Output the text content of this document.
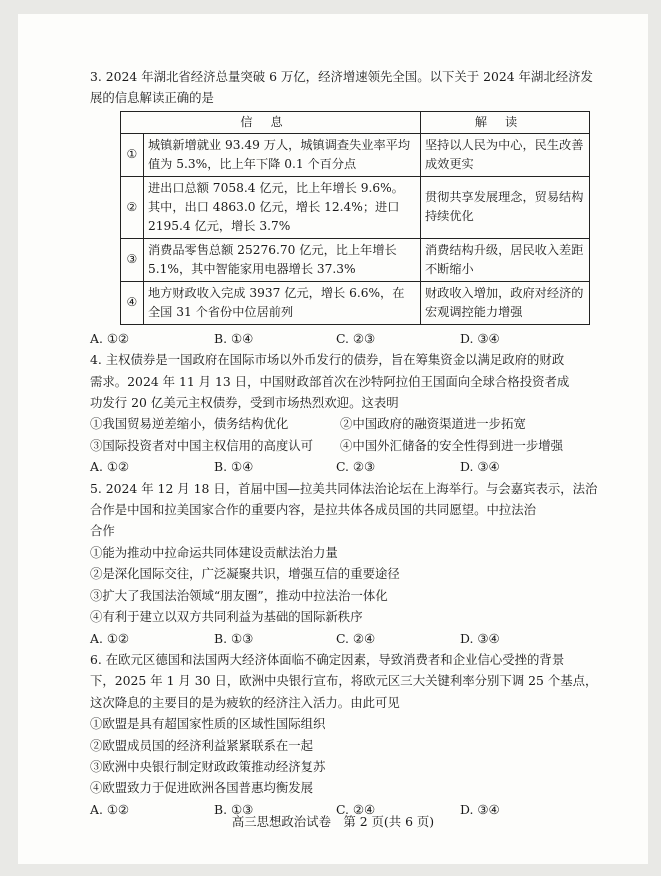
3. 2024 年湖北省经济总量突破 6 万亿，经济增速领先全国。以下关于 2024 年湖北经济发

展的信息解读正确的是

信息		解读
①	城镇新增就业 93.49 万人，城镇调查失业率平均值为 5.3%，比上年下降 0.1 个百分点	坚持以人民为中心，民生改善成效更实
②	进出口总额 7058.4 亿元，比上年增长 9.6%。其中，出口 4863.0 亿元，增长 12.4%；进口 2195.4 亿元，增长 3.7%	贯彻共享发展理念，贸易结构持续优化
③	消费品零售总额 25276.70 亿元，比上年增长 5.1%，其中智能家用电器增长 37.3%	消费结构升级，居民收入差距不断缩小
④	地方财政收入完成 3937 亿元，增长 6.6%，在全国 31 个省份中位居前列	财政收入增加，政府对经济的宏观调控能力增强
A. ①②	B. ①④	C. ②③	D. ③④

4. 主权债券是一国政府在国际市场以外币发行的债券，旨在筹集资金以满足政府的财政

需求。2024 年 11 月 13 日，中国财政部首次在沙特阿拉伯王国面向全球合格投资者成

功发行 20 亿美元主权债券，受到市场热烈欢迎。这表明

①我国贸易逆差缩小，债务结构优化	②中国政府的融资渠道进一步拓宽
③国际投资者对中国主权信用的高度认可	④中国外汇储备的安全性得到进一步增强
A. ①②	B. ①④	C. ②③	D. ③④

5. 2024 年 12 月 18 日，首届中国—拉美共同体法治论坛在上海举行。与会嘉宾表示，法治

合作是中国和拉美国家合作的重要内容，是拉共体各成员国的共同愿望。中拉法治

合作

①能为推动中拉命运共同体建设贡献法治力量

②是深化国际交往，广泛凝聚共识，增强互信的重要途径

③扩大了我国法治领域“朋友圈”，推动中拉法治一体化

④有利于建立以双方共同利益为基础的国际新秩序

A. ①②	B. ①③	C. ②④	D. ③④

6. 在欧元区德国和法国两大经济体面临不确定因素，导致消费者和企业信心受挫的背景

下，2025 年 1 月 30 日，欧洲中央银行宣布，将欧元区三大关键利率分别下调 25 个基点，

这次降息的主要目的是为疲软的经济注入活力。由此可见

①欧盟是具有超国家性质的区域性国际组织

②欧盟成员国的经济利益紧紧联系在一起

③欧洲中央银行制定财政政策推动经济复苏

④欧盟致力于促进欧洲各国普惠均衡发展

A. ①②	B. ①③	C. ②④	D. ③④
高三思想政治试卷　第 2 页(共 6 页)
